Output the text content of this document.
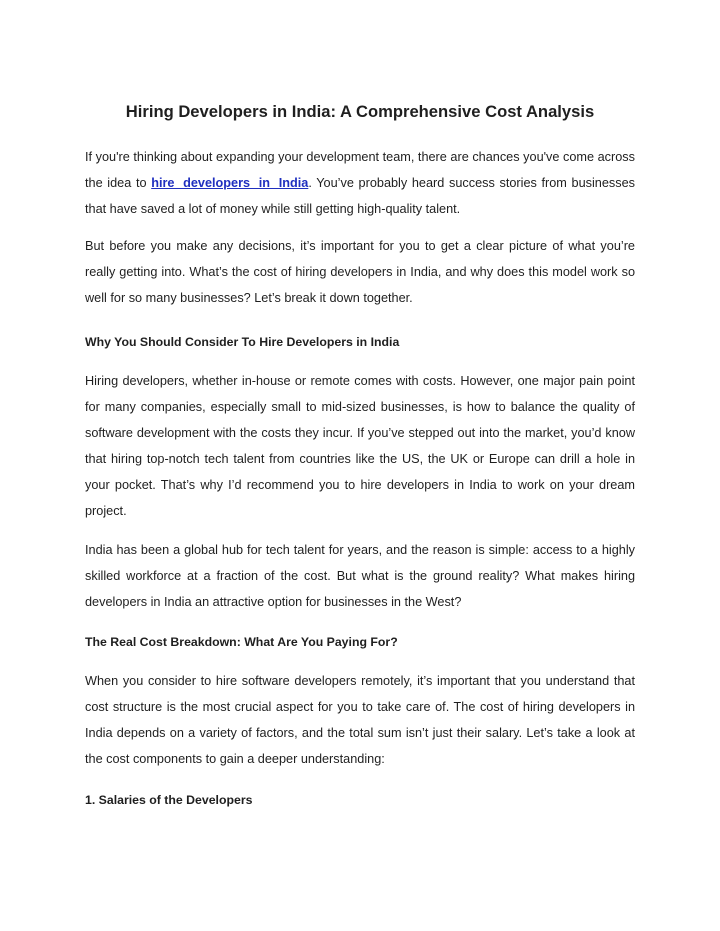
Hiring Developers in India: A Comprehensive Cost Analysis

If you're thinking about expanding your development team, there are chances you've come across the idea to hire developers in India. You’ve probably heard success stories from businesses that have saved a lot of money while still getting high-quality talent.

But before you make any decisions, it’s important for you to get a clear picture of what you’re really getting into. What’s the cost of hiring developers in India, and why does this model work so well for so many businesses? Let’s break it down together.

Why You Should Consider To Hire Developers in India

Hiring developers, whether in-house or remote comes with costs. However, one major pain point for many companies, especially small to mid-sized businesses, is how to balance the quality of software development with the costs they incur. If you’ve stepped out into the market, you’d know that hiring top-notch tech talent from countries like the US, the UK or Europe can drill a hole in your pocket. That’s why I’d recommend you to hire developers in India to work on your dream project.

India has been a global hub for tech talent for years, and the reason is simple: access to a highly skilled workforce at a fraction of the cost. But what is the ground reality? What makes hiring developers in India an attractive option for businesses in the West?

The Real Cost Breakdown: What Are You Paying For?

When you consider to hire software developers remotely, it’s important that you understand that cost structure is the most crucial aspect for you to take care of. The cost of hiring developers in India depends on a variety of factors, and the total sum isn’t just their salary. Let’s take a look at the cost components to gain a deeper understanding:

1. Salaries of the Developers
